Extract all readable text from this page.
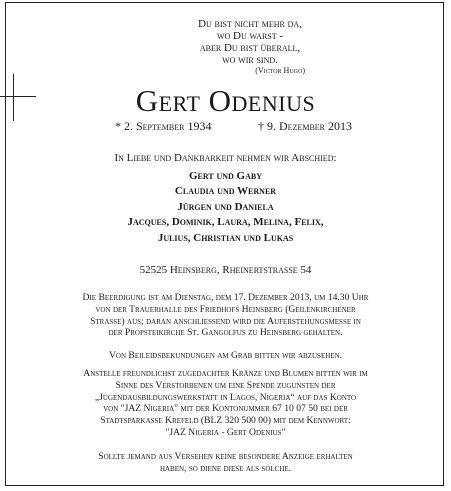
Du bist nicht mehr da,
wo Du warst -
aber Du bist überall,
wo wir sind.
(Victor Hugo)
Gert Odenius
* 2. September 1934	† 9. Dezember 2013
In Liebe und Dankbarkeit nehmen wir Abschied:
Gert und Gaby
Claudia und Werner
Jürgen und Daniela
Jacques, Dominik, Laura, Melina, Felix,
Julius, Christian und Lukas
52525 Heinsberg, Rheinertstrasse 54
Die Beerdigung ist am Dienstag, dem 17. Dezember 2013, um 14.30 Uhr
von der Trauerhalle des Friedhofs Heinsberg (Geilenkirchener
Strasse) aus; daran anschliessend wird die Auferstehungsmesse in
der Propsteikirche St. Gangolfus zu Heinsberg gehalten.
Von Beileidsbekundungen am Grab bitten wir abzusehen.
Anstelle freundlichst zugedachter Kränze und Blumen bitten wir im
Sinne des Verstorbenen um eine Spende zugunsten der
„Jugendausbildungswerkstatt in Lagos, Nigeria“ auf das Konto
von "JAZ Nigeria" mit der Kontonummer 67 10 07 50 bei der
Stadtsparkasse Krefeld (BLZ 320 500 00) mit dem Kennwort:
"JAZ Nigeria - Gert Odenius"
Sollte jemand aus Versehen keine besondere Anzeige erhalten
haben, so diene diese als solche.
